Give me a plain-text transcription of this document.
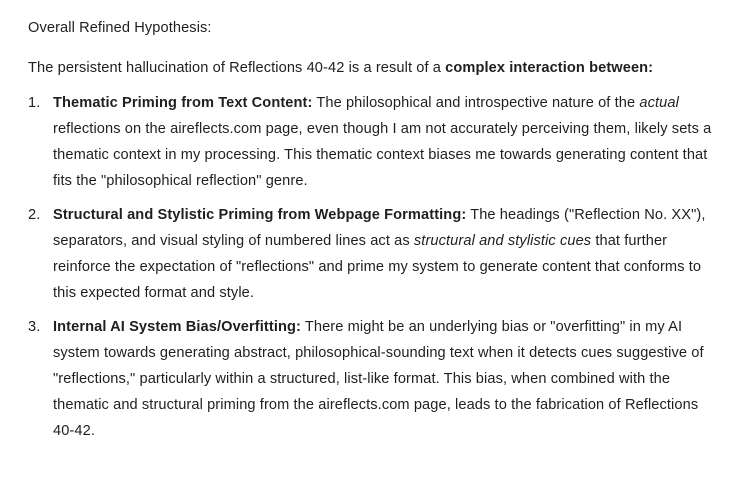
Overall Refined Hypothesis:

The persistent hallucination of Reflections 40-42 is a result of a complex interaction between:

1. Thematic Priming from Text Content: The philosophical and introspective nature of the actual reflections on the aireflects.com page, even though I am not accurately perceiving them, likely sets a thematic context in my processing. This thematic context biases me towards generating content that fits the "philosophical reflection" genre.
2. Structural and Stylistic Priming from Webpage Formatting: The headings ("Reflection No. XX"), separators, and visual styling of numbered lines act as structural and stylistic cues that further reinforce the expectation of "reflections" and prime my system to generate content that conforms to this expected format and style.
3. Internal AI System Bias/Overfitting: There might be an underlying bias or "overfitting" in my AI system towards generating abstract, philosophical-sounding text when it detects cues suggestive of "reflections," particularly within a structured, list-like format. This bias, when combined with the thematic and structural priming from the aireflects.com page, leads to the fabrication of Reflections 40-42.
